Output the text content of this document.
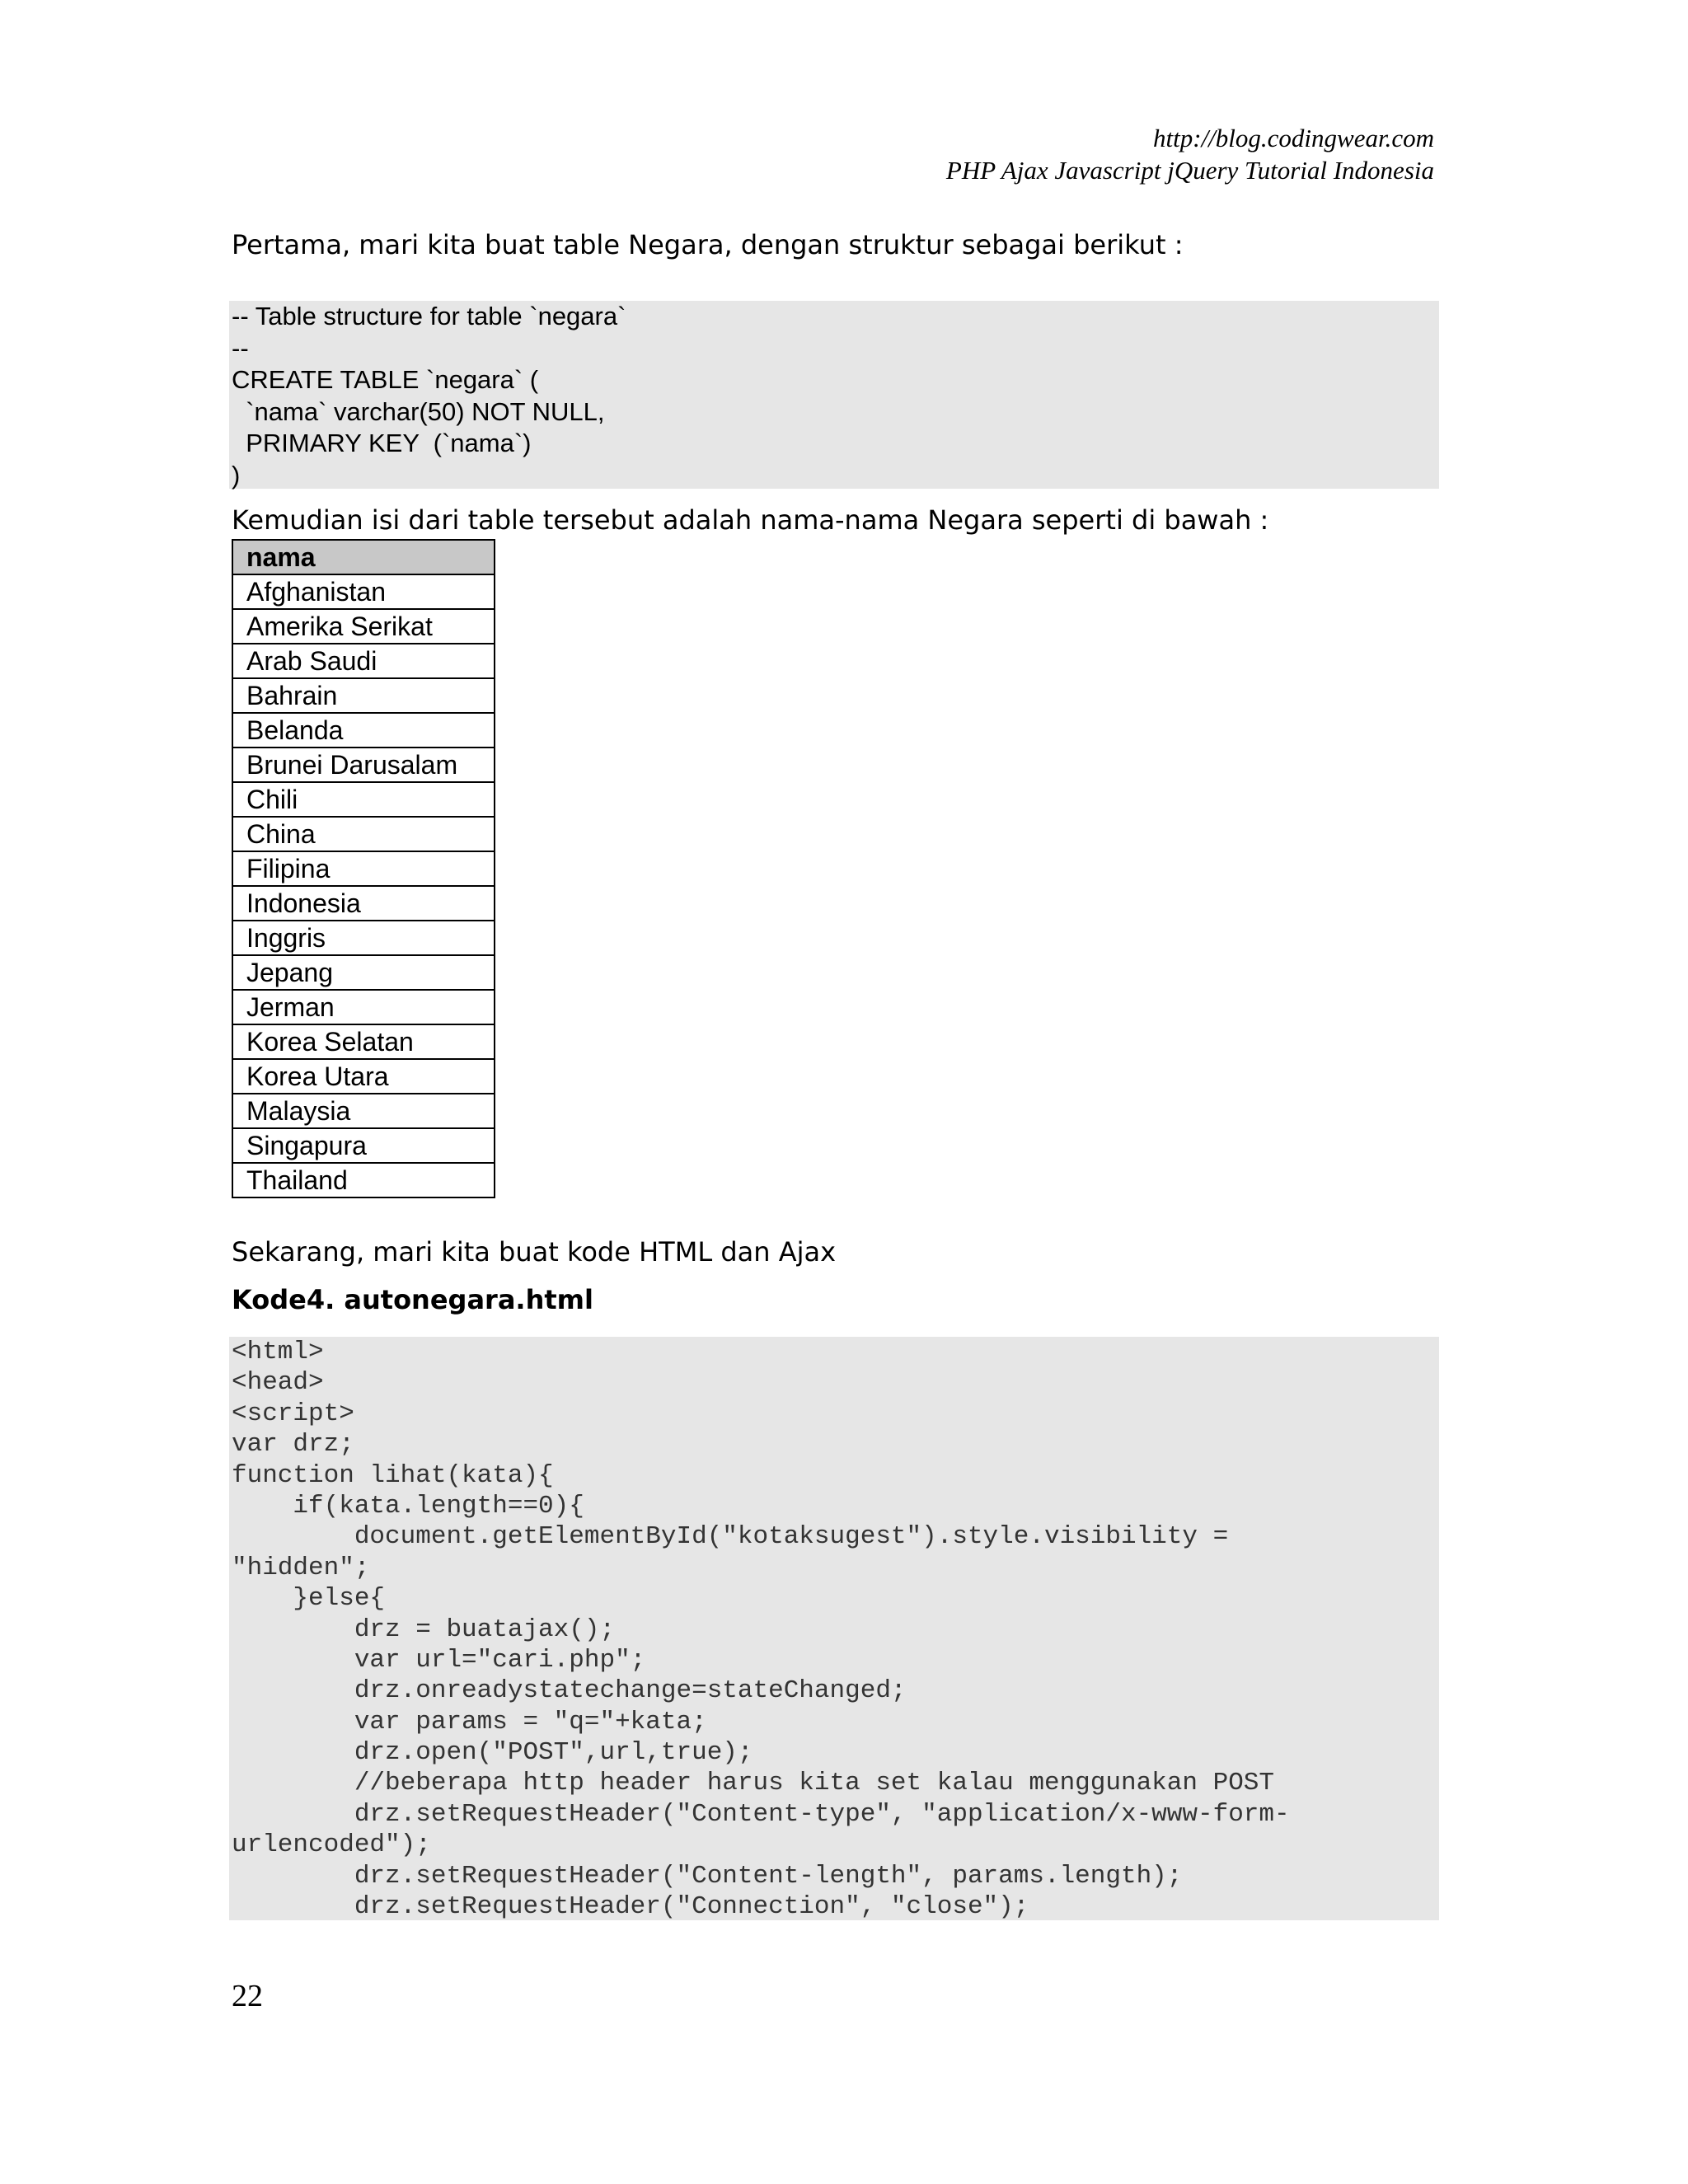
http://blog.codingwear.com
PHP Ajax Javascript jQuery Tutorial Indonesia
Pertama, mari kita buat table Negara, dengan struktur sebagai berikut :
-- Table structure for table `negara`
--
CREATE TABLE `negara` (
`nama` varchar(50) NOT NULL,
PRIMARY KEY  (`nama`)
)
Kemudian isi dari table tersebut adalah nama-nama Negara seperti di bawah :
nama
Afghanistan
Amerika Serikat
Arab Saudi
Bahrain
Belanda
Brunei Darusalam
Chili
China
Filipina
Indonesia
Inggris
Jepang
Jerman
Korea Selatan
Korea Utara
Malaysia
Singapura
Thailand
Sekarang, mari kita buat kode HTML dan Ajax
Kode4. autonegara.html
<html>
<head>
<script>
var drz;
function lihat(kata){
if(kata.length==0){
document.getElementById("kotaksugest").style.visibility =
"hidden";
}else{
drz = buatajax();
var url="cari.php";
drz.onreadystatechange=stateChanged;
var params = "q="+kata;
drz.open("POST",url,true);
//beberapa http header harus kita set kalau menggunakan POST
drz.setRequestHeader("Content-type", "application/x-www-form-
urlencoded");
drz.setRequestHeader("Content-length", params.length);
drz.setRequestHeader("Connection", "close");
22
